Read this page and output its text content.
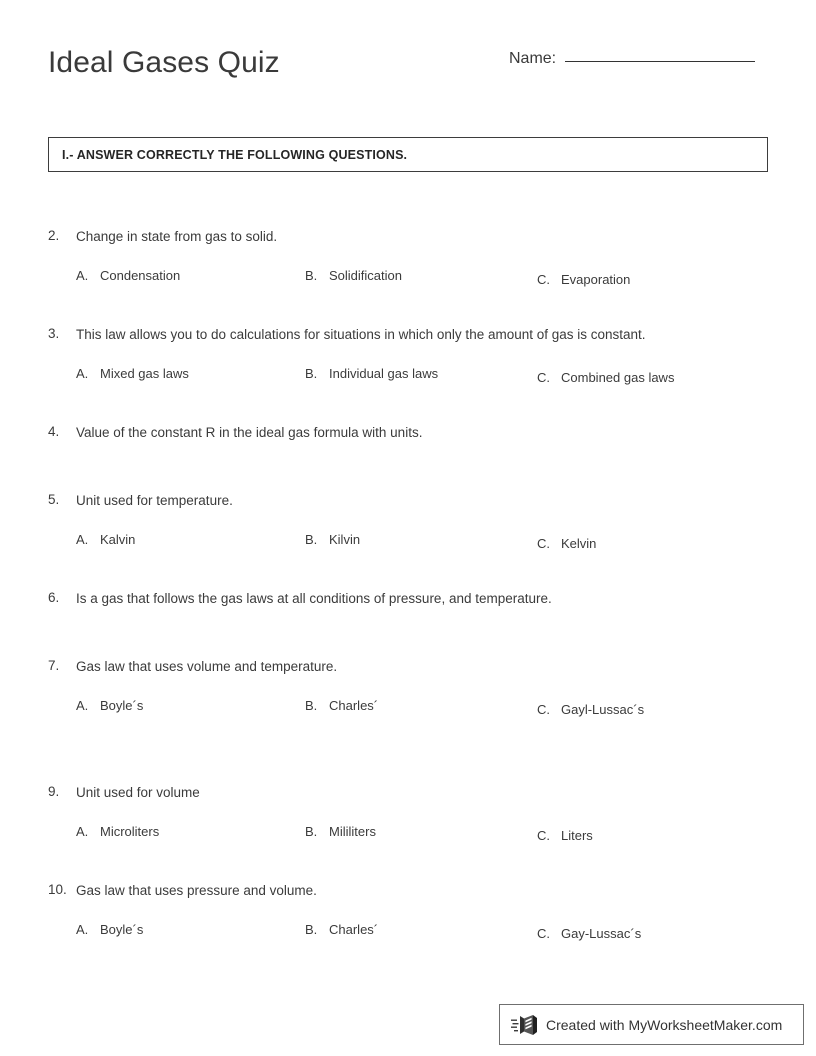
Ideal Gases Quiz	Name:
I.- ANSWER CORRECTLY THE FOLLOWING QUESTIONS.
2.	Change in state from gas to solid.
A. Condensation	B. Solidification	C. Evaporation
3.	This law allows you to do calculations for situations in which only the amount of gas is constant.
A. Mixed gas laws	B. Individual gas laws	C. Combined gas laws
4.	Value of the constant R in the ideal gas formula with units.
5.	Unit used for temperature.
A. Kalvin	B. Kilvin	C. Kelvin
6.	Is a gas that follows the gas laws at all conditions of pressure, and temperature.
7.	Gas law that uses volume and temperature.
A. Boyle´s	B. Charles´	C. Gayl-Lussac´s
9.	Unit used for volume
A. Microliters	B. Mililiters	C. Liters
10. Gas law that uses pressure and volume.
A. Boyle´s	B. Charles´	C. Gay-Lussac´s
Created with MyWorksheetMaker.com
